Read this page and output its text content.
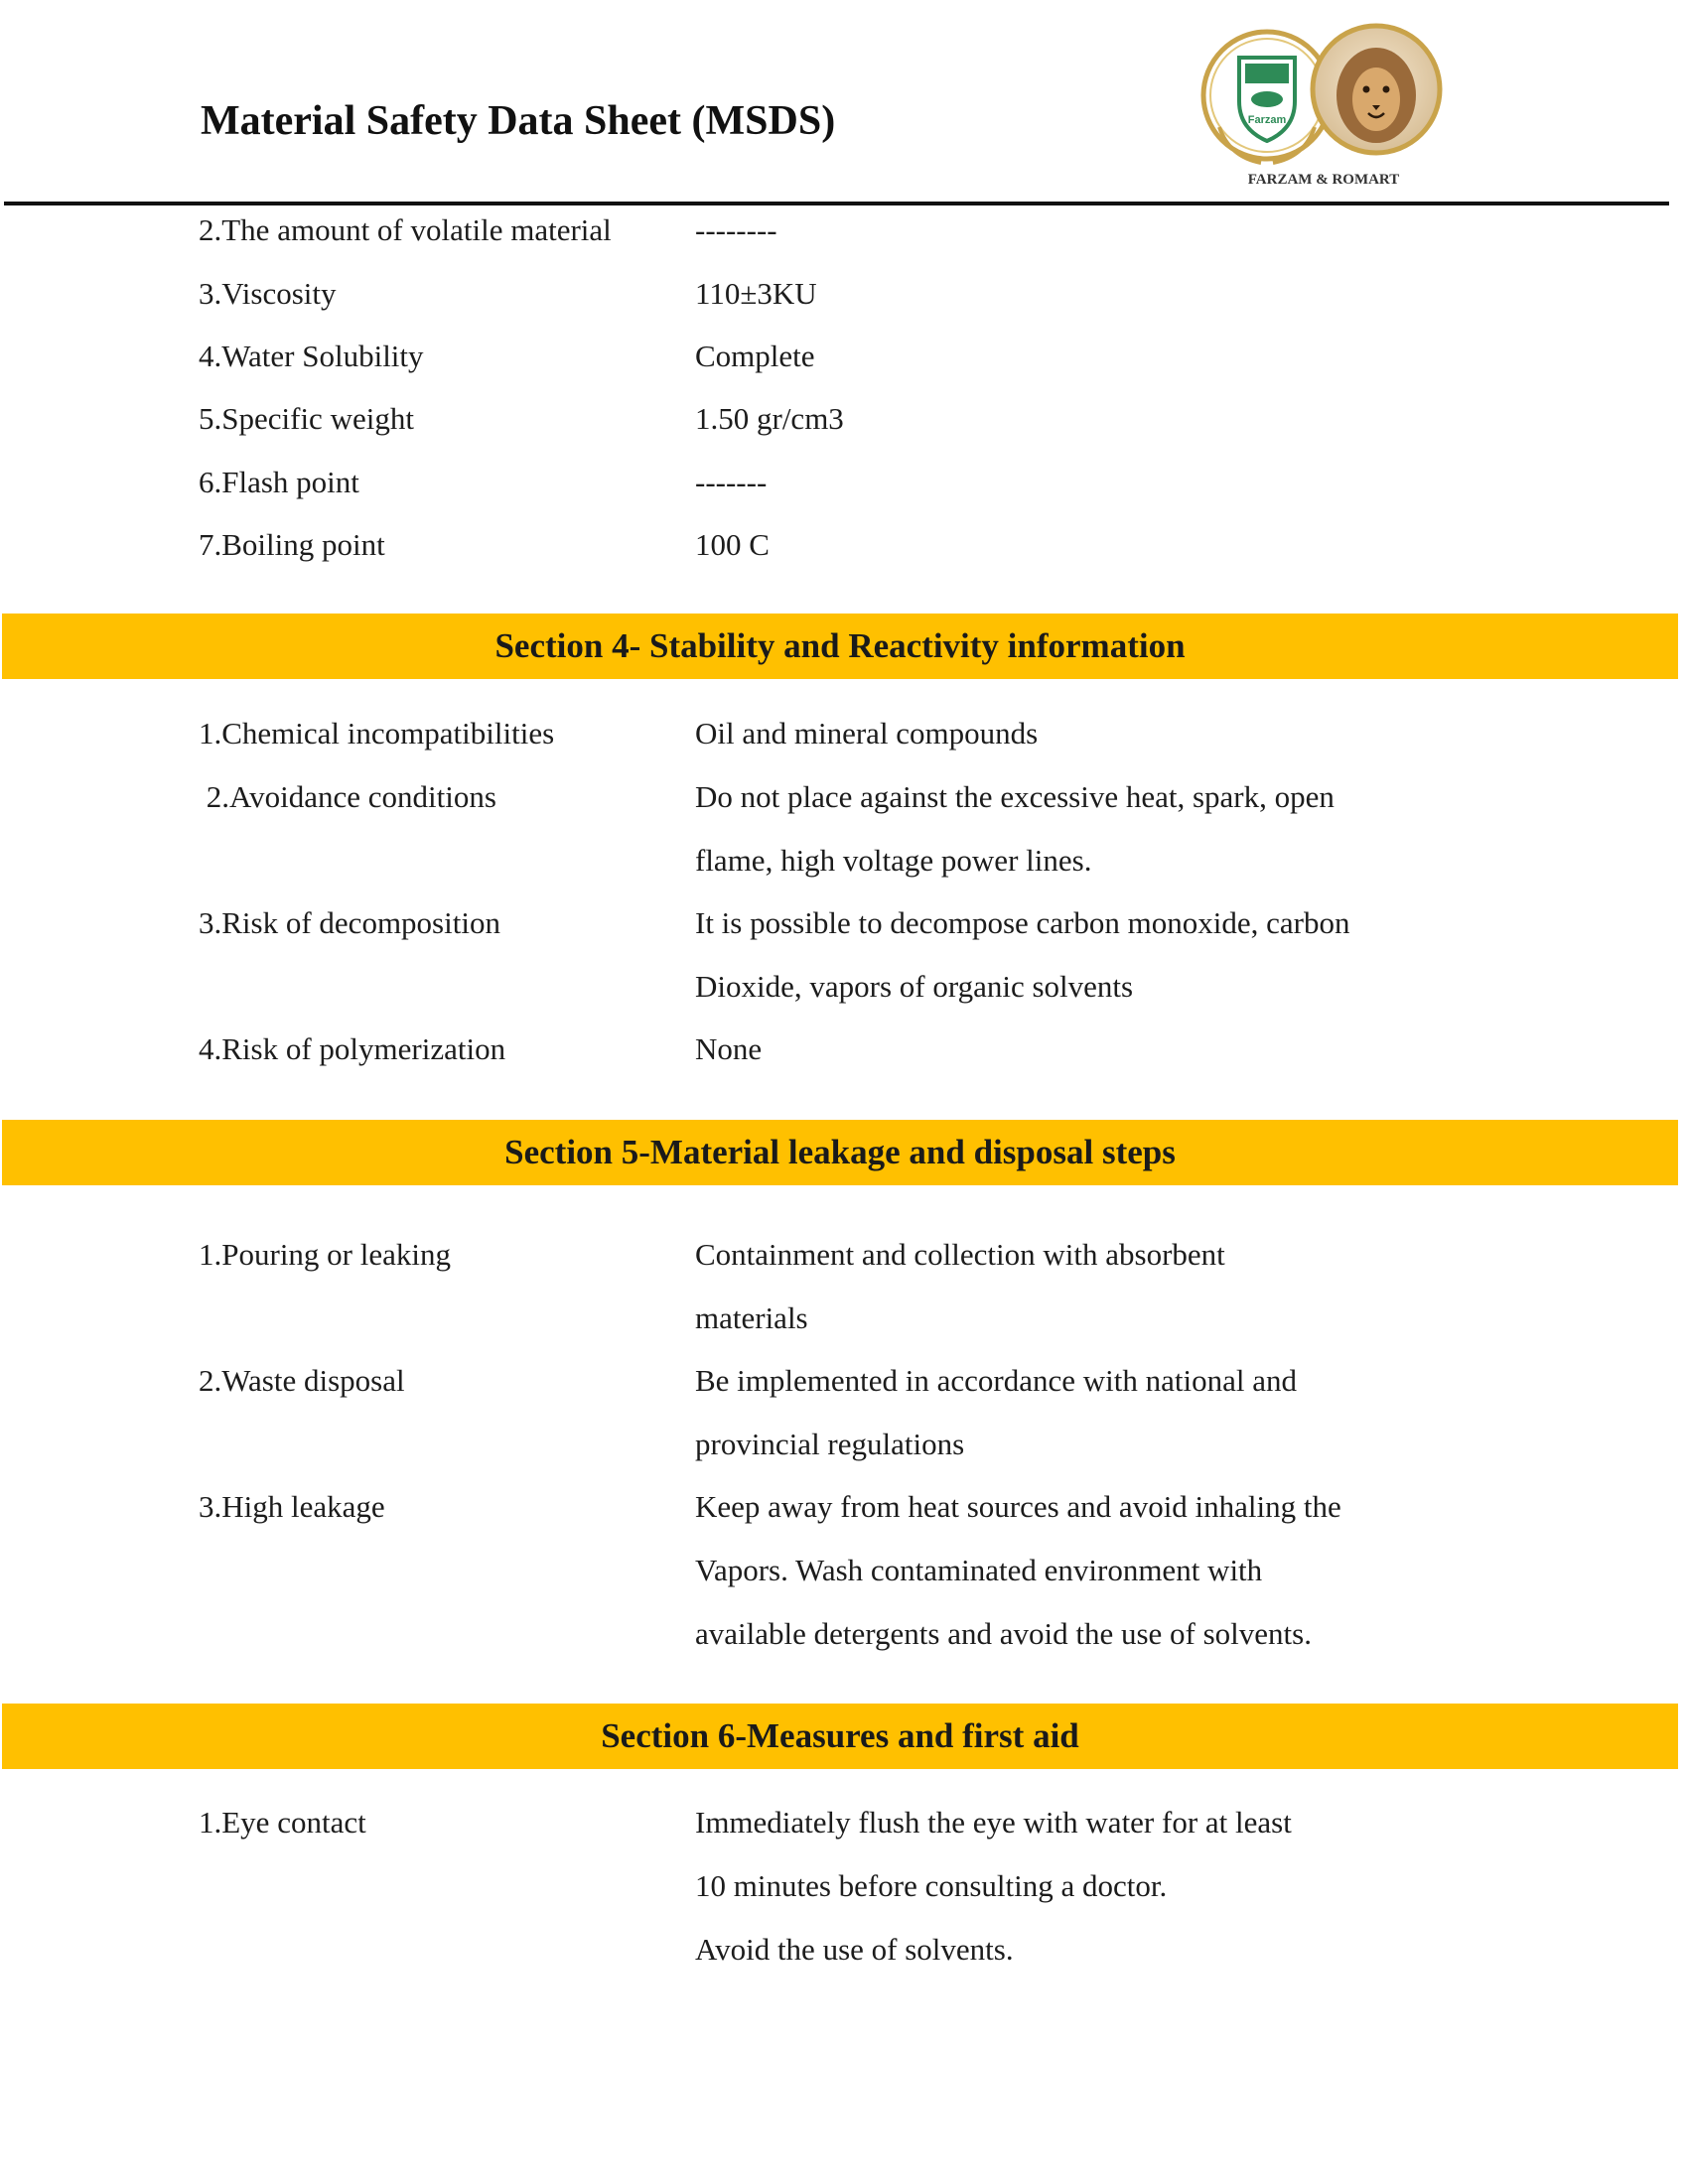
Material Safety Data Sheet (MSDS)	Farzam
FARZAM & ROMART
2.The amount of volatile material	--------
3.Viscosity	110±3KU
4.Water Solubility	Complete
5.Specific weight	1.50 gr/cm3
6.Flash point	-------
7.Boiling point	100 C
Section 4- Stability and Reactivity information
1.Chemical incompatibilities	Oil and mineral compounds
2.Avoidance conditions	Do not place against the excessive heat, spark, open
flame, high voltage power lines.
3.Risk of decomposition	It is possible to decompose carbon monoxide, carbon
Dioxide, vapors of organic solvents
4.Risk of polymerization	None
Section 5-Material leakage and disposal steps
1.Pouring or leaking	Containment and collection with absorbent
materials
2.Waste disposal	Be implemented in accordance with national and
provincial regulations
3.High leakage	Keep away from heat sources and avoid inhaling the
Vapors. Wash contaminated environment with
available detergents and avoid the use of solvents.
Section 6-Measures and first aid
1.Eye contact	Immediately flush the eye with water for at least
10 minutes before consulting a doctor.
Avoid the use of solvents.
